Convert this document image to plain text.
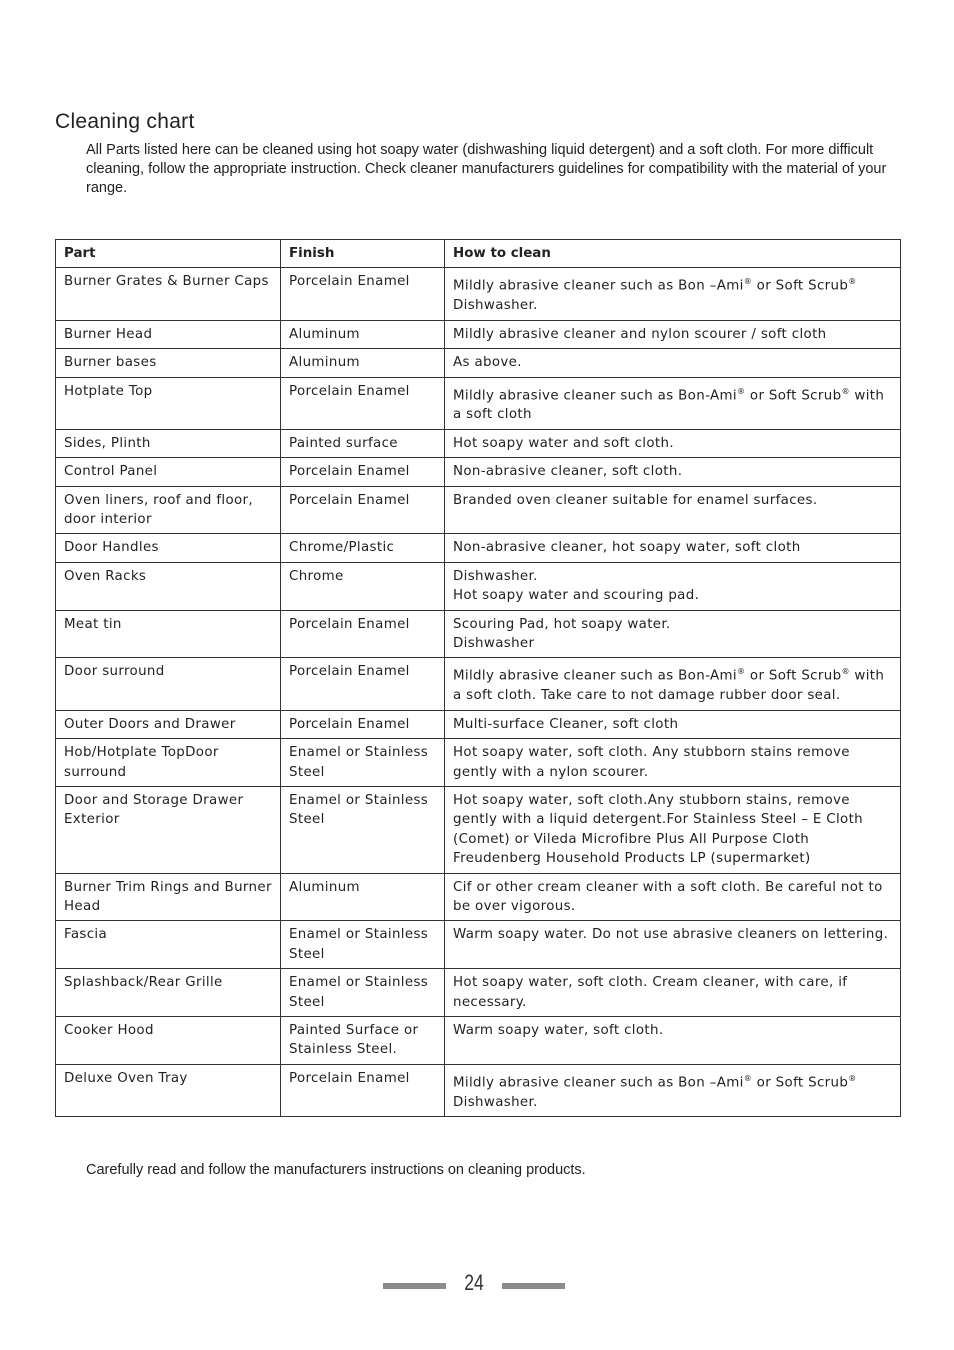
Cleaning chart
All Parts listed here can be cleaned using hot soapy water (dishwashing liquid detergent) and a soft cloth. For more difficult cleaning, follow the appropriate instruction. Check cleaner manufacturers guidelines for compatibility with the material of your range.
Part	Finish	How to clean
Burner Grates & Burner Caps	Porcelain Enamel	Mildly abrasive cleaner such as Bon –Ami® or Soft Scrub®
Dishwasher.

Burner Head	Aluminum	Mildly abrasive cleaner and nylon scourer / soft cloth

Burner bases	Aluminum	As above.

Hotplate Top	Porcelain Enamel	Mildly abrasive cleaner such as Bon-Ami® or Soft Scrub® with a soft cloth

Sides, Plinth	Painted surface	Hot soapy water and soft cloth.

Control Panel	Porcelain Enamel	Non-abrasive cleaner, soft cloth.

Oven liners, roof and floor, door interior	Porcelain Enamel	Branded oven cleaner suitable for enamel surfaces.

Door Handles	Chrome/Plastic	Non-abrasive cleaner, hot soapy water, soft cloth

Oven Racks	Chrome	Dishwasher.
Hot soapy water and scouring pad.

Meat tin	Porcelain Enamel	Scouring Pad, hot soapy water.
Dishwasher

Door surround	Porcelain Enamel	Mildly abrasive cleaner such as Bon-Ami® or Soft Scrub® with a soft cloth. Take care to not damage rubber door seal.

Outer Doors and Drawer	Porcelain Enamel	Multi-surface Cleaner, soft cloth

Hob/Hotplate TopDoor surround	Enamel or Stainless Steel	Hot soapy water, soft cloth. Any stubborn stains remove gently with a nylon scourer.

Door and Storage Drawer Exterior	Enamel or Stainless Steel	Hot soapy water, soft cloth.Any stubborn stains, remove gently with a liquid detergent.For Stainless Steel – E Cloth (Comet) or Vileda Microfibre Plus All Purpose Cloth Freudenberg Household Products LP (supermarket)

Burner Trim Rings and Burner Head	Aluminum	Cif or other cream cleaner with a soft cloth. Be careful not to be over vigorous.

Fascia	Enamel or Stainless Steel	Warm soapy water. Do not use abrasive cleaners on lettering.

Splashback/Rear Grille	Enamel or Stainless Steel	Hot soapy water, soft cloth. Cream cleaner, with care, if necessary.

Cooker Hood	Painted Surface or Stainless Steel.	Warm soapy water, soft cloth.

Deluxe Oven Tray	Porcelain Enamel	Mildly abrasive cleaner such as Bon –Ami® or Soft Scrub®
Dishwasher.
Carefully read and follow the manufacturers instructions on cleaning products.
24
